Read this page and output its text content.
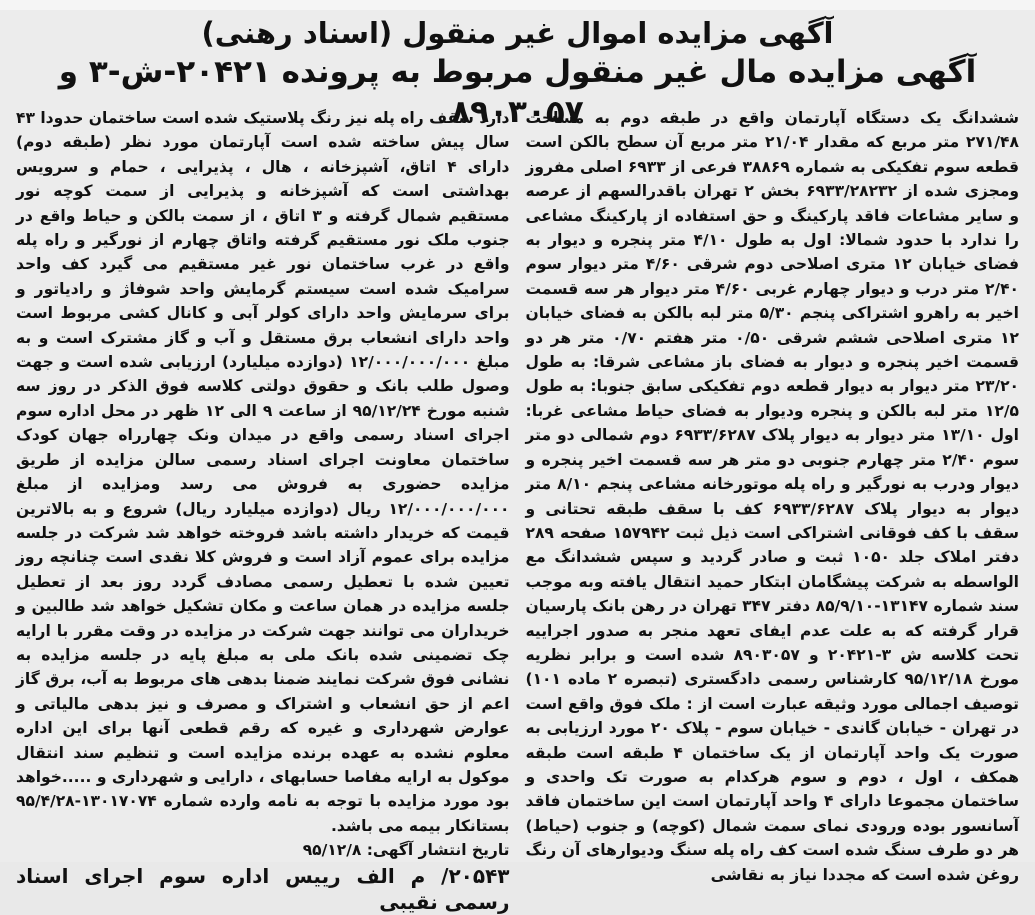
آگهی مزایده اموال غیر منقول (اسناد رهنی)
آگهی مزایده مال غیر منقول مربوط به پرونده ۲۰۴۲۱-ش-۳ و ۸۹۰۳۰۵۷

ششدانگ یک دستگاه آپارتمان واقع در طبقه دوم به مساحت ۲۷۱/۴۸ متر مربع که مقدار ۲۱/۰۴ متر مربع آن سطح بالکن است قطعه سوم تفکیکی به شماره ۳۸۸۶۹ فرعی از ۶۹۳۳ اصلی مفروز ومجزی شده از ۶۹۳۳/۲۸۲۳۲ بخش ۲ تهران باقدرالسهم از عرصه و سایر مشاعات فاقد پارکینگ و حق استفاده از پارکینگ مشاعی را ندارد با حدود شمالا: اول به طول ۴/۱۰ متر پنجره و دیوار به فضای خیابان ۱۲ متری اصلاحی دوم شرقی ۴/۶۰ متر دیوار سوم ۲/۴۰ متر درب و دیوار چهارم غربی ۴/۶۰ متر دیوار هر سه قسمت اخیر به راهرو اشتراکی پنجم ۵/۳۰ متر لبه بالکن به فضای خیابان ۱۲ متری اصلاحی ششم شرقی ۰/۵۰ متر هفتم ۰/۷۰ متر هر دو قسمت اخیر پنجره و دیوار به فضای باز مشاعی شرقا: به طول ۲۳/۲۰ متر دیوار به دیوار قطعه دوم تفکیکی سابق جنوبا: به طول ۱۲/۵ متر لبه بالکن و پنجره ودیوار به فضای حیاط مشاعی غربا: اول ۱۳/۱۰ متر دیوار به دیوار پلاک ۶۹۳۳/۶۲۸۷ دوم شمالی دو متر سوم ۲/۴۰ متر چهارم جنوبی دو متر هر سه قسمت اخیر پنجره و دیوار ودرب به نورگیر و راه پله موتورخانه مشاعی پنجم ۸/۱۰ متر دیوار به دیوار پلاک ۶۹۳۳/۶۲۸۷ کف با سقف طبقه تحتانی و سقف با کف فوقانی اشتراکی است ذیل ثبت ۱۵۷۹۴۲ صفحه ۲۸۹ دفتر املاک جلد ۱۰۵۰ ثبت و صادر گردید و سپس ششدانگ مع الواسطه به شرکت پیشگامان ابتکار حمید انتقال یافته وبه موجب سند شماره ۱۳۱۴۷-۸۵/۹/۱۰ دفتر ۳۴۷ تهران در رهن بانک پارسیان قرار گرفته که به علت عدم ایفای تعهد منجر به صدور اجراییه تحت کلاسه ش ۳-۲۰۴۲۱ و ۸۹۰۳۰۵۷ شده است و برابر نظریه مورخ ۹۵/۱۲/۱۸ کارشناس رسمی دادگستری (تبصره ۲ ماده ۱۰۱) توصیف اجمالی مورد وثیقه عبارت است از : ملک فوق واقع است در تهران - خیابان گاندی - خیابان سوم - پلاک ۲۰ مورد ارزیابی به صورت یک واحد آپارتمان از یک ساختمان ۴ طبقه است طبقه همکف ، اول ، دوم و سوم هرکدام به صورت تک واحدی و ساختمان مجموعا دارای ۴ واحد آپارتمان است این ساختمان فاقد آسانسور بوده ورودی نمای سمت شمال (کوچه) و جنوب (حیاط) هر دو طرف سنگ شده است کف راه پله سنگ ودیوارهای آن رنگ روغن شده است که مجددا نیاز به نقاشی

دارد سقف راه پله نیز رنگ پلاستیک شده است ساختمان حدودا ۴۳ سال پیش ساخته شده است آپارتمان مورد نظر (طبقه دوم) دارای ۴ اتاق، آشپزخانه ، هال ، پذیرایی ، حمام و سرویس بهداشتی است که آشپزخانه و پذیرایی از سمت کوچه نور مستقیم شمال گرفته و ۳ اتاق ، از سمت بالکن و حیاط واقع در جنوب ملک نور مستقیم گرفته واتاق چهارم از نورگیر و راه پله واقع در غرب ساختمان نور غیر مستقیم می گیرد کف واحد سرامیک شده است سیستم گرمایش واحد شوفاژ و رادیاتور و برای سرمایش واحد دارای کولر آبی و کانال کشی مربوط است واحد دارای انشعاب برق مستقل و آب و گاز مشترک است و به مبلغ ۱۲/۰۰۰/۰۰۰/۰۰۰ (دوازده میلیارد) ارزیابی شده است و جهت وصول طلب بانک و حقوق دولتی کلاسه فوق الذکر در روز سه شنبه مورخ ۹۵/۱۲/۲۴ از ساعت ۹ الی ۱۲ ظهر در محل اداره سوم اجرای اسناد رسمی واقع در میدان ونک چهارراه جهان کودک ساختمان معاونت اجرای اسناد رسمی سالن مزایده از طریق مزایده حضوری به فروش می رسد ومزایده از مبلغ ۱۲/۰۰۰/۰۰۰/۰۰۰ ریال (دوازده میلیارد ریال) شروع و به بالاترین قیمت که خریدار داشته باشد فروخته خواهد شد شرکت در جلسه مزایده برای عموم آزاد است و فروش کلا نقدی است چنانچه روز تعیین شده با تعطیل رسمی مصادف گردد روز بعد از تعطیل جلسه مزایده در همان ساعت و مکان تشکیل خواهد شد طالبین و خریداران می توانند جهت شرکت در مزایده در وقت مقرر با ارایه چک تضمینی شده بانک ملی به مبلغ پایه در جلسه مزایده به نشانی فوق شرکت نمایند ضمنا بدهی های مربوط به آب، برق گاز اعم از حق انشعاب و اشتراک و مصرف و نیز بدهی مالیاتی و عوارض شهرداری و غیره که رقم قطعی آنها برای این اداره معلوم نشده به عهده برنده مزایده است و تنظیم سند انتقال موکول به ارایه مفاصا حسابهای ، دارایی و شهرداری و .....خواهد بود مورد مزایده با توجه به نامه وارده شماره ۱۳۰۱۷۰۷۴-۹۵/۴/۲۸ بستانکار بیمه می باشد.

تاریخ انتشار آگهی: ۹۵/۱۲/۸

۲۰۵۴۳/ م الف رییس اداره سوم اجرای اسناد رسمی نقیبی
